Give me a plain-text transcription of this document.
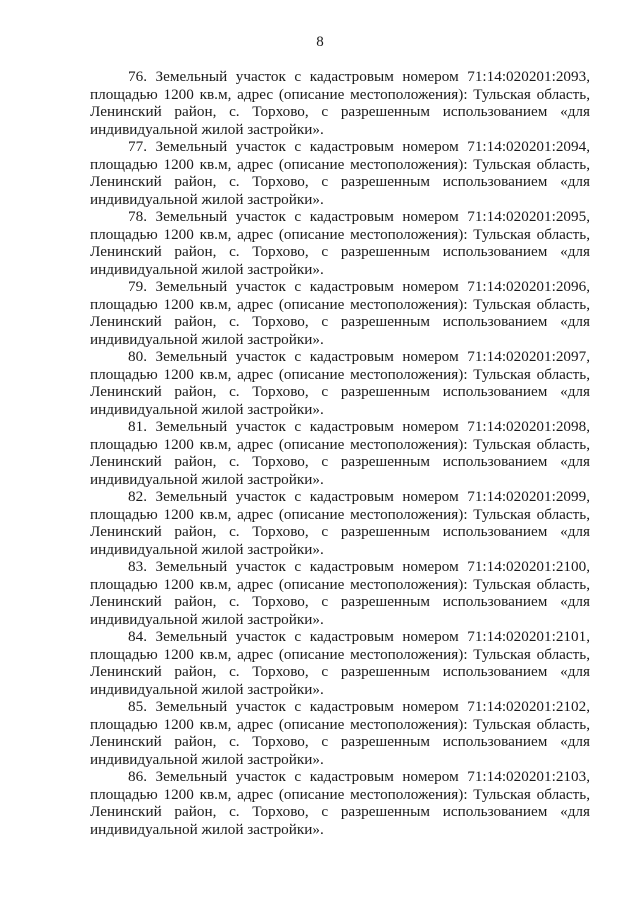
8

76. Земельный участок с кадастровым номером 71:14:020201:2093,
площадью 1200 кв.м, адрес (описание местоположения): Тульская область,
Ленинский район, с. Торхово, с разрешенным использованием «для
индивидуальной жилой застройки».

77. Земельный участок с кадастровым номером 71:14:020201:2094,
площадью 1200 кв.м, адрес (описание местоположения): Тульская область,
Ленинский район, с. Торхово, с разрешенным использованием «для
индивидуальной жилой застройки».

78. Земельный участок с кадастровым номером 71:14:020201:2095,
площадью 1200 кв.м, адрес (описание местоположения): Тульская область,
Ленинский район, с. Торхово, с разрешенным использованием «для
индивидуальной жилой застройки».

79. Земельный участок с кадастровым номером 71:14:020201:2096,
площадью 1200 кв.м, адрес (описание местоположения): Тульская область,
Ленинский район, с. Торхово, с разрешенным использованием «для
индивидуальной жилой застройки».

80. Земельный участок с кадастровым номером 71:14:020201:2097,
площадью 1200 кв.м, адрес (описание местоположения): Тульская область,
Ленинский район, с. Торхово, с разрешенным использованием «для
индивидуальной жилой застройки».

81. Земельный участок с кадастровым номером 71:14:020201:2098,
площадью 1200 кв.м, адрес (описание местоположения): Тульская область,
Ленинский район, с. Торхово, с разрешенным использованием «для
индивидуальной жилой застройки».

82. Земельный участок с кадастровым номером 71:14:020201:2099,
площадью 1200 кв.м, адрес (описание местоположения): Тульская область,
Ленинский район, с. Торхово, с разрешенным использованием «для
индивидуальной жилой застройки».

83. Земельный участок с кадастровым номером 71:14:020201:2100,
площадью 1200 кв.м, адрес (описание местоположения): Тульская область,
Ленинский район, с. Торхово, с разрешенным использованием «для
индивидуальной жилой застройки».

84. Земельный участок с кадастровым номером 71:14:020201:2101,
площадью 1200 кв.м, адрес (описание местоположения): Тульская область,
Ленинский район, с. Торхово, с разрешенным использованием «для
индивидуальной жилой застройки».

85. Земельный участок с кадастровым номером 71:14:020201:2102,
площадью 1200 кв.м, адрес (описание местоположения): Тульская область,
Ленинский район, с. Торхово, с разрешенным использованием «для
индивидуальной жилой застройки».

86. Земельный участок с кадастровым номером 71:14:020201:2103,
площадью 1200 кв.м, адрес (описание местоположения): Тульская область,
Ленинский район, с. Торхово, с разрешенным использованием «для
индивидуальной жилой застройки».
